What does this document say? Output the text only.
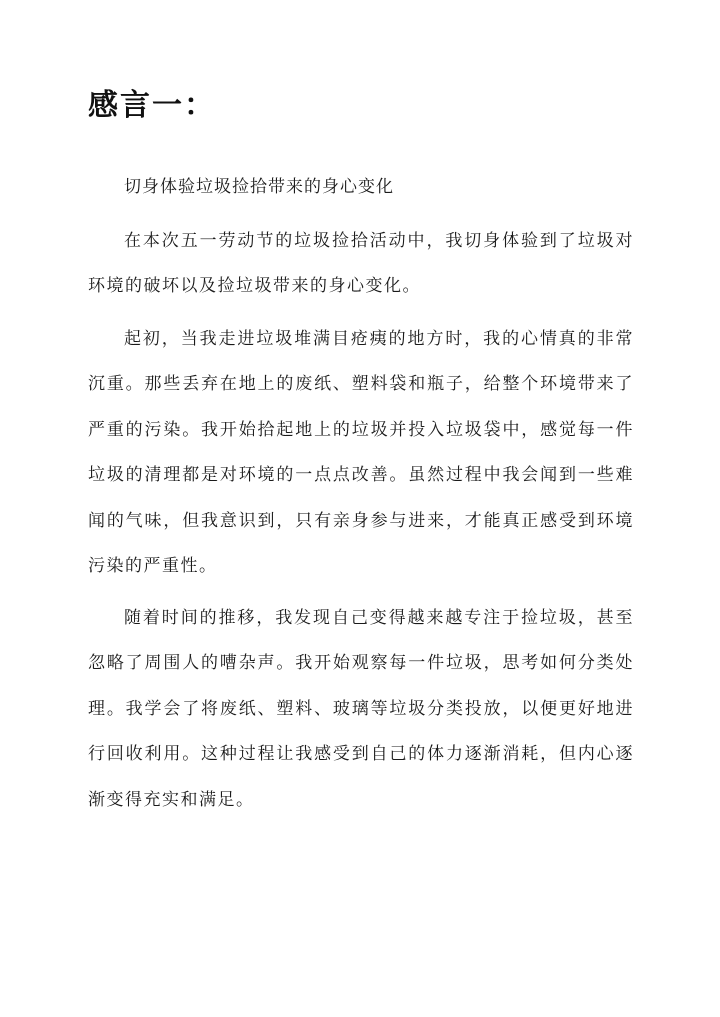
感言一：

切身体验垃圾捡拾带来的身心变化

在本次五一劳动节的垃圾捡拾活动中，我切身体验到了垃圾对环境的破坏以及捡垃圾带来的身心变化。

起初，当我走进垃圾堆满目疮痍的地方时，我的心情真的非常沉重。那些丢弃在地上的废纸、塑料袋和瓶子，给整个环境带来了严重的污染。我开始拾起地上的垃圾并投入垃圾袋中，感觉每一件垃圾的清理都是对环境的一点点改善。虽然过程中我会闻到一些难闻的气味，但我意识到，只有亲身参与进来，才能真正感受到环境污染的严重性。

随着时间的推移，我发现自己变得越来越专注于捡垃圾，甚至忽略了周围人的嘈杂声。我开始观察每一件垃圾，思考如何分类处理。我学会了将废纸、塑料、玻璃等垃圾分类投放，以便更好地进行回收利用。这种过程让我感受到自己的体力逐渐消耗，但内心逐渐变得充实和满足。
